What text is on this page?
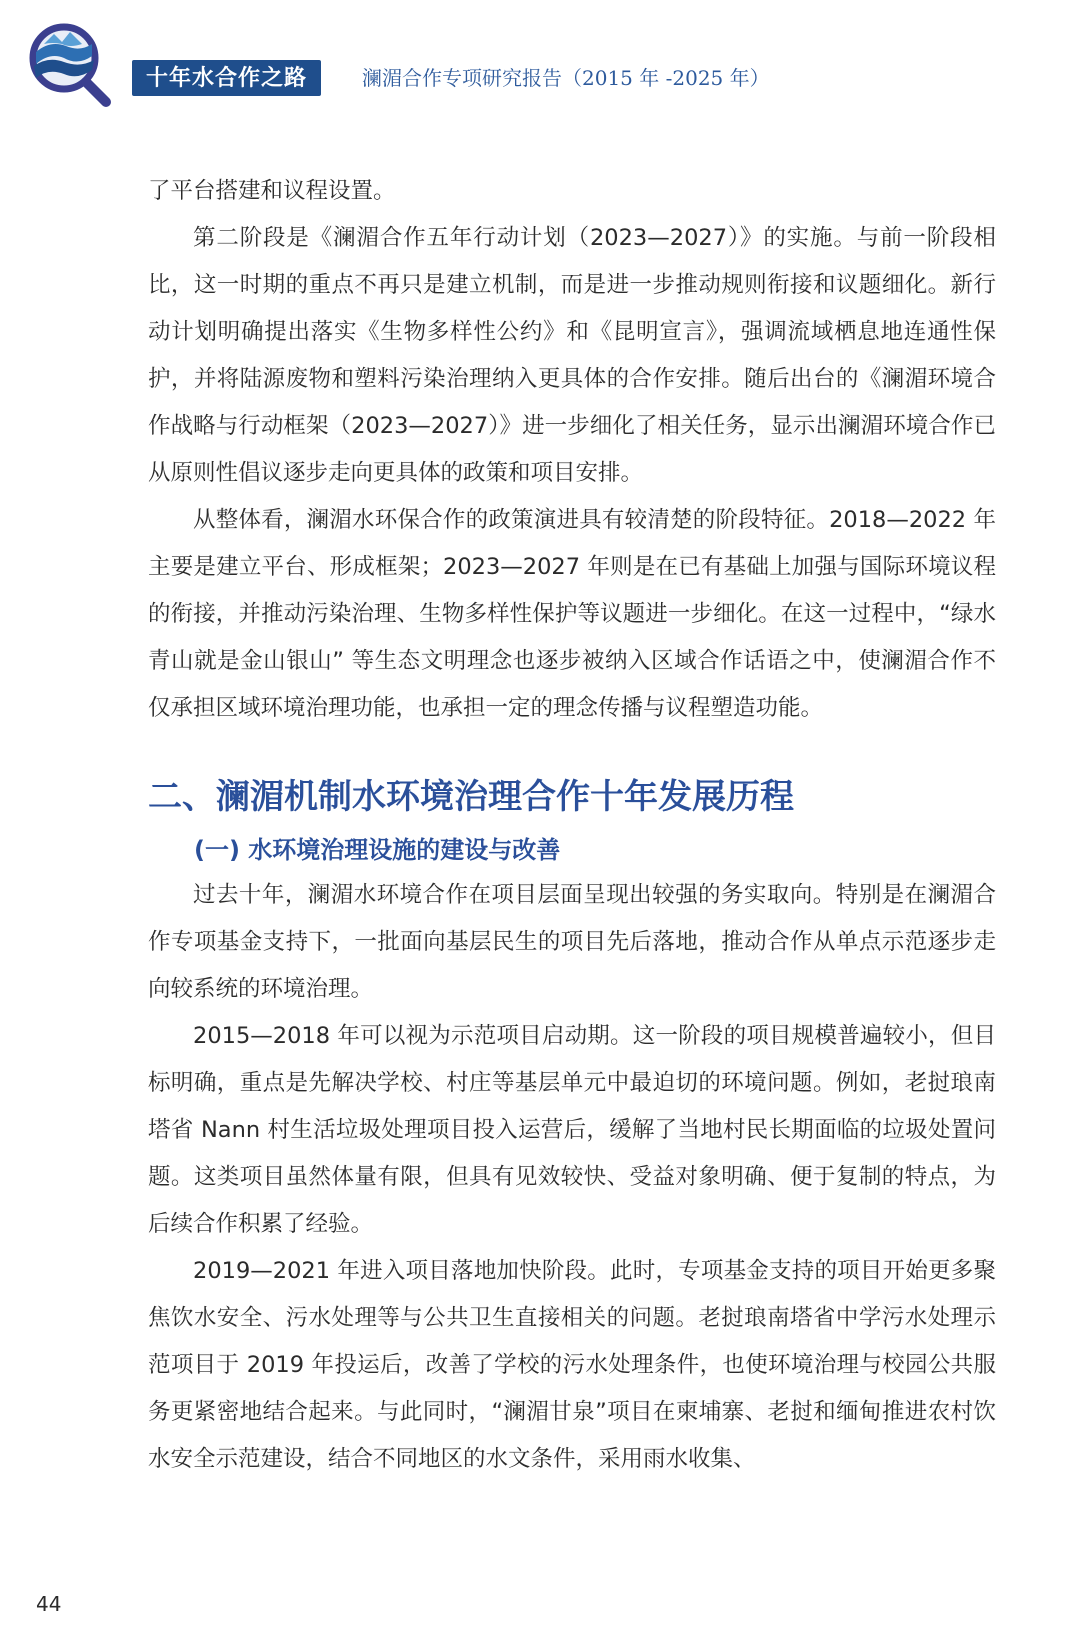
十年水合作之路	澜湄合作专项研究报告（2015 年 -2025 年）

了平台搭建和议程设置。

第二阶段是《澜湄合作五年行动计划（2023—2027）》的实施。与前一阶段相比，这一时期的重点不再只是建立机制，而是进一步推动规则衔接和议题细化。新行动计划明确提出落实《生物多样性公约》和《昆明宣言》，强调流域栖息地连通性保护，并将陆源废物和塑料污染治理纳入更具体的合作安排。随后出台的《澜湄环境合作战略与行动框架（2023—2027）》进一步细化了相关任务，显示出澜湄环境合作已从原则性倡议逐步走向更具体的政策和项目安排。

从整体看，澜湄水环保合作的政策演进具有较清楚的阶段特征。2018—2022 年主要是建立平台、形成框架；2023—2027 年则是在已有基础上加强与国际环境议程的衔接，并推动污染治理、生物多样性保护等议题进一步细化。在这一过程中，“绿水青山就是金山银山” 等生态文明理念也逐步被纳入区域合作话语之中，使澜湄合作不仅承担区域环境治理功能，也承担一定的理念传播与议程塑造功能。

二、澜湄机制水环境治理合作十年发展历程
(一) 水环境治理设施的建设与改善

过去十年，澜湄水环境合作在项目层面呈现出较强的务实取向。特别是在澜湄合作专项基金支持下，一批面向基层民生的项目先后落地，推动合作从单点示范逐步走向较系统的环境治理。

2015—2018 年可以视为示范项目启动期。这一阶段的项目规模普遍较小，但目标明确，重点是先解决学校、村庄等基层单元中最迫切的环境问题。例如，老挝琅南塔省 Nann 村生活垃圾处理项目投入运营后，缓解了当地村民长期面临的垃圾处置问题。这类项目虽然体量有限，但具有见效较快、受益对象明确、便于复制的特点，为后续合作积累了经验。

2019—2021 年进入项目落地加快阶段。此时，专项基金支持的项目开始更多聚焦饮水安全、污水处理等与公共卫生直接相关的问题。老挝琅南塔省中学污水处理示范项目于 2019 年投运后，改善了学校的污水处理条件，也使环境治理与校园公共服务更紧密地结合起来。与此同时，“澜湄甘泉”项目在柬埔寨、老挝和缅甸推进农村饮水安全示范建设，结合不同地区的水文条件，采用雨水收集、

44
